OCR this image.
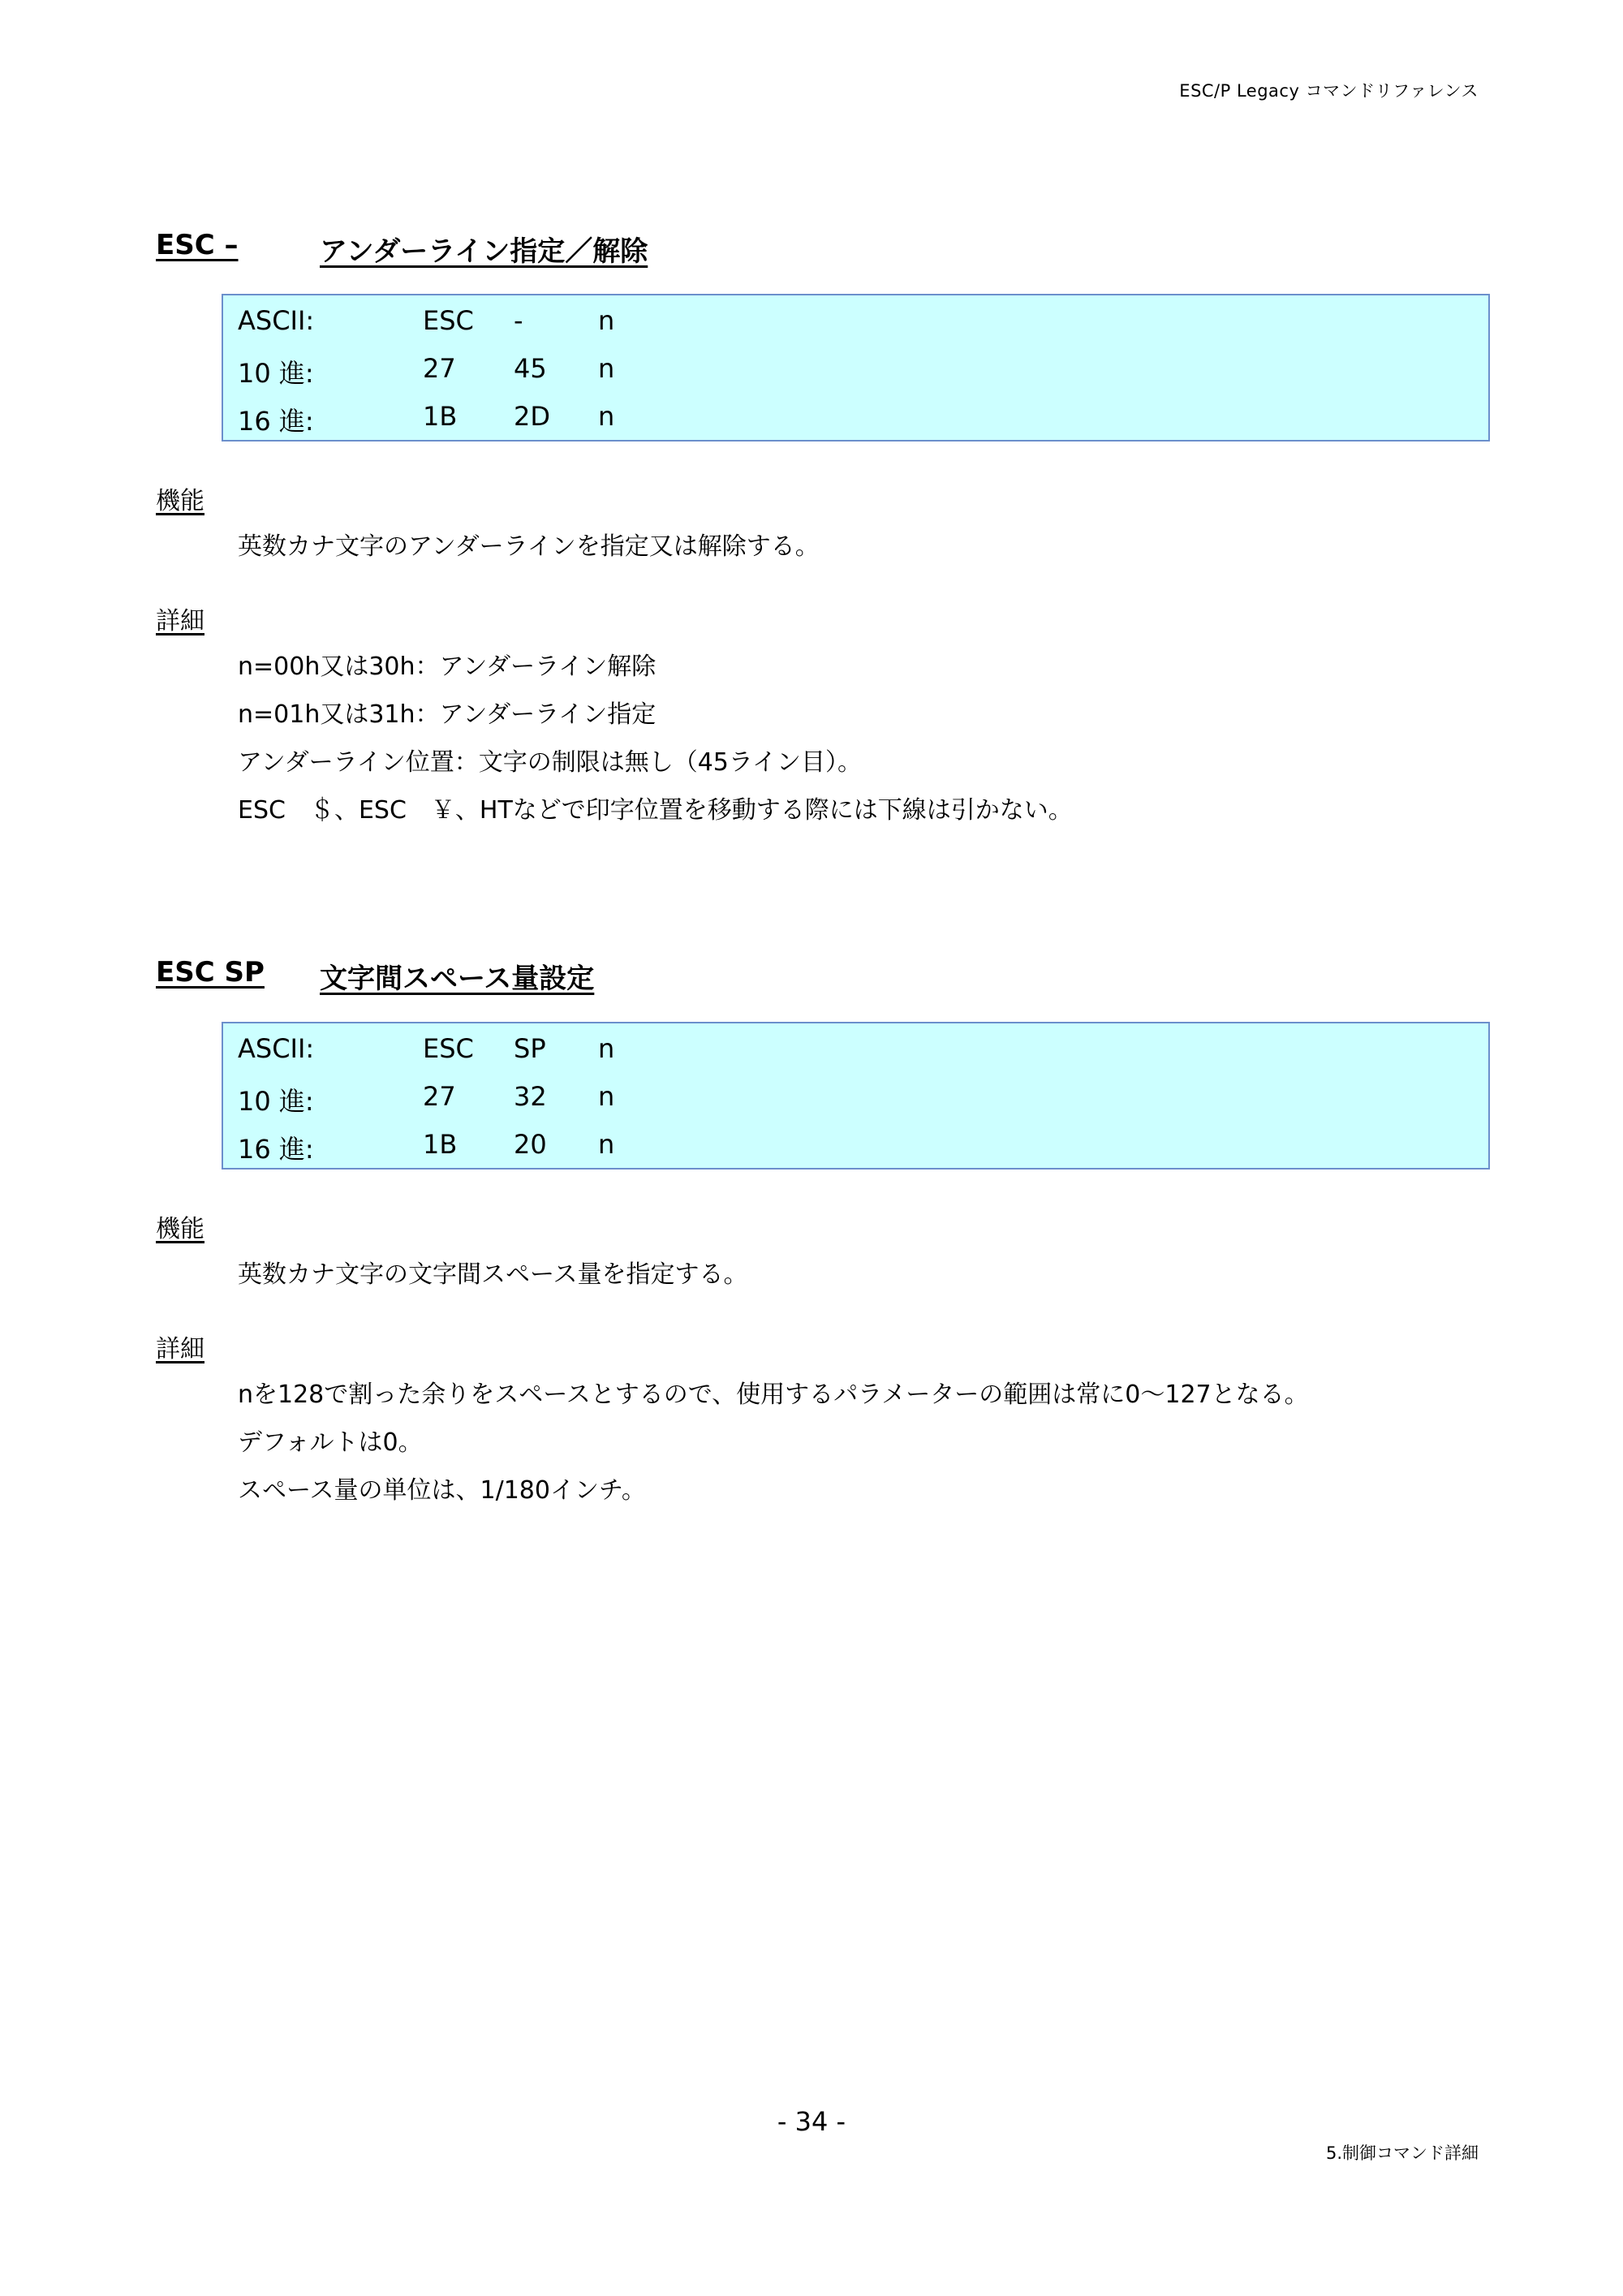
ESC/P Legacy コマンドリファレンス
ESC –	アンダーライン指定／解除
ASCII:	ESC	-	n
10 進:	27	45	n
16 進:	1B	2D	n
機能
英数カナ文字のアンダーラインを指定又は解除する。
詳細
n=00h又は30h：アンダーライン解除
n=01h又は31h：アンダーライン指定
アンダーライン位置：文字の制限は無し（45ライン目）。
ESC　＄、ESC　￥、HTなどで印字位置を移動する際には下線は引かない。
ESC SP	文字間スペース量設定
ASCII:	ESC	SP	n
10 進:	27	32	n
16 進:	1B	20	n
機能
英数カナ文字の文字間スペース量を指定する。
詳細
nを128で割った余りをスペースとするので、使用するパラメーターの範囲は常に0～127となる。
デフォルトは0。
スペース量の単位は、1/180インチ。
- 34 -
5.制御コマンド詳細
